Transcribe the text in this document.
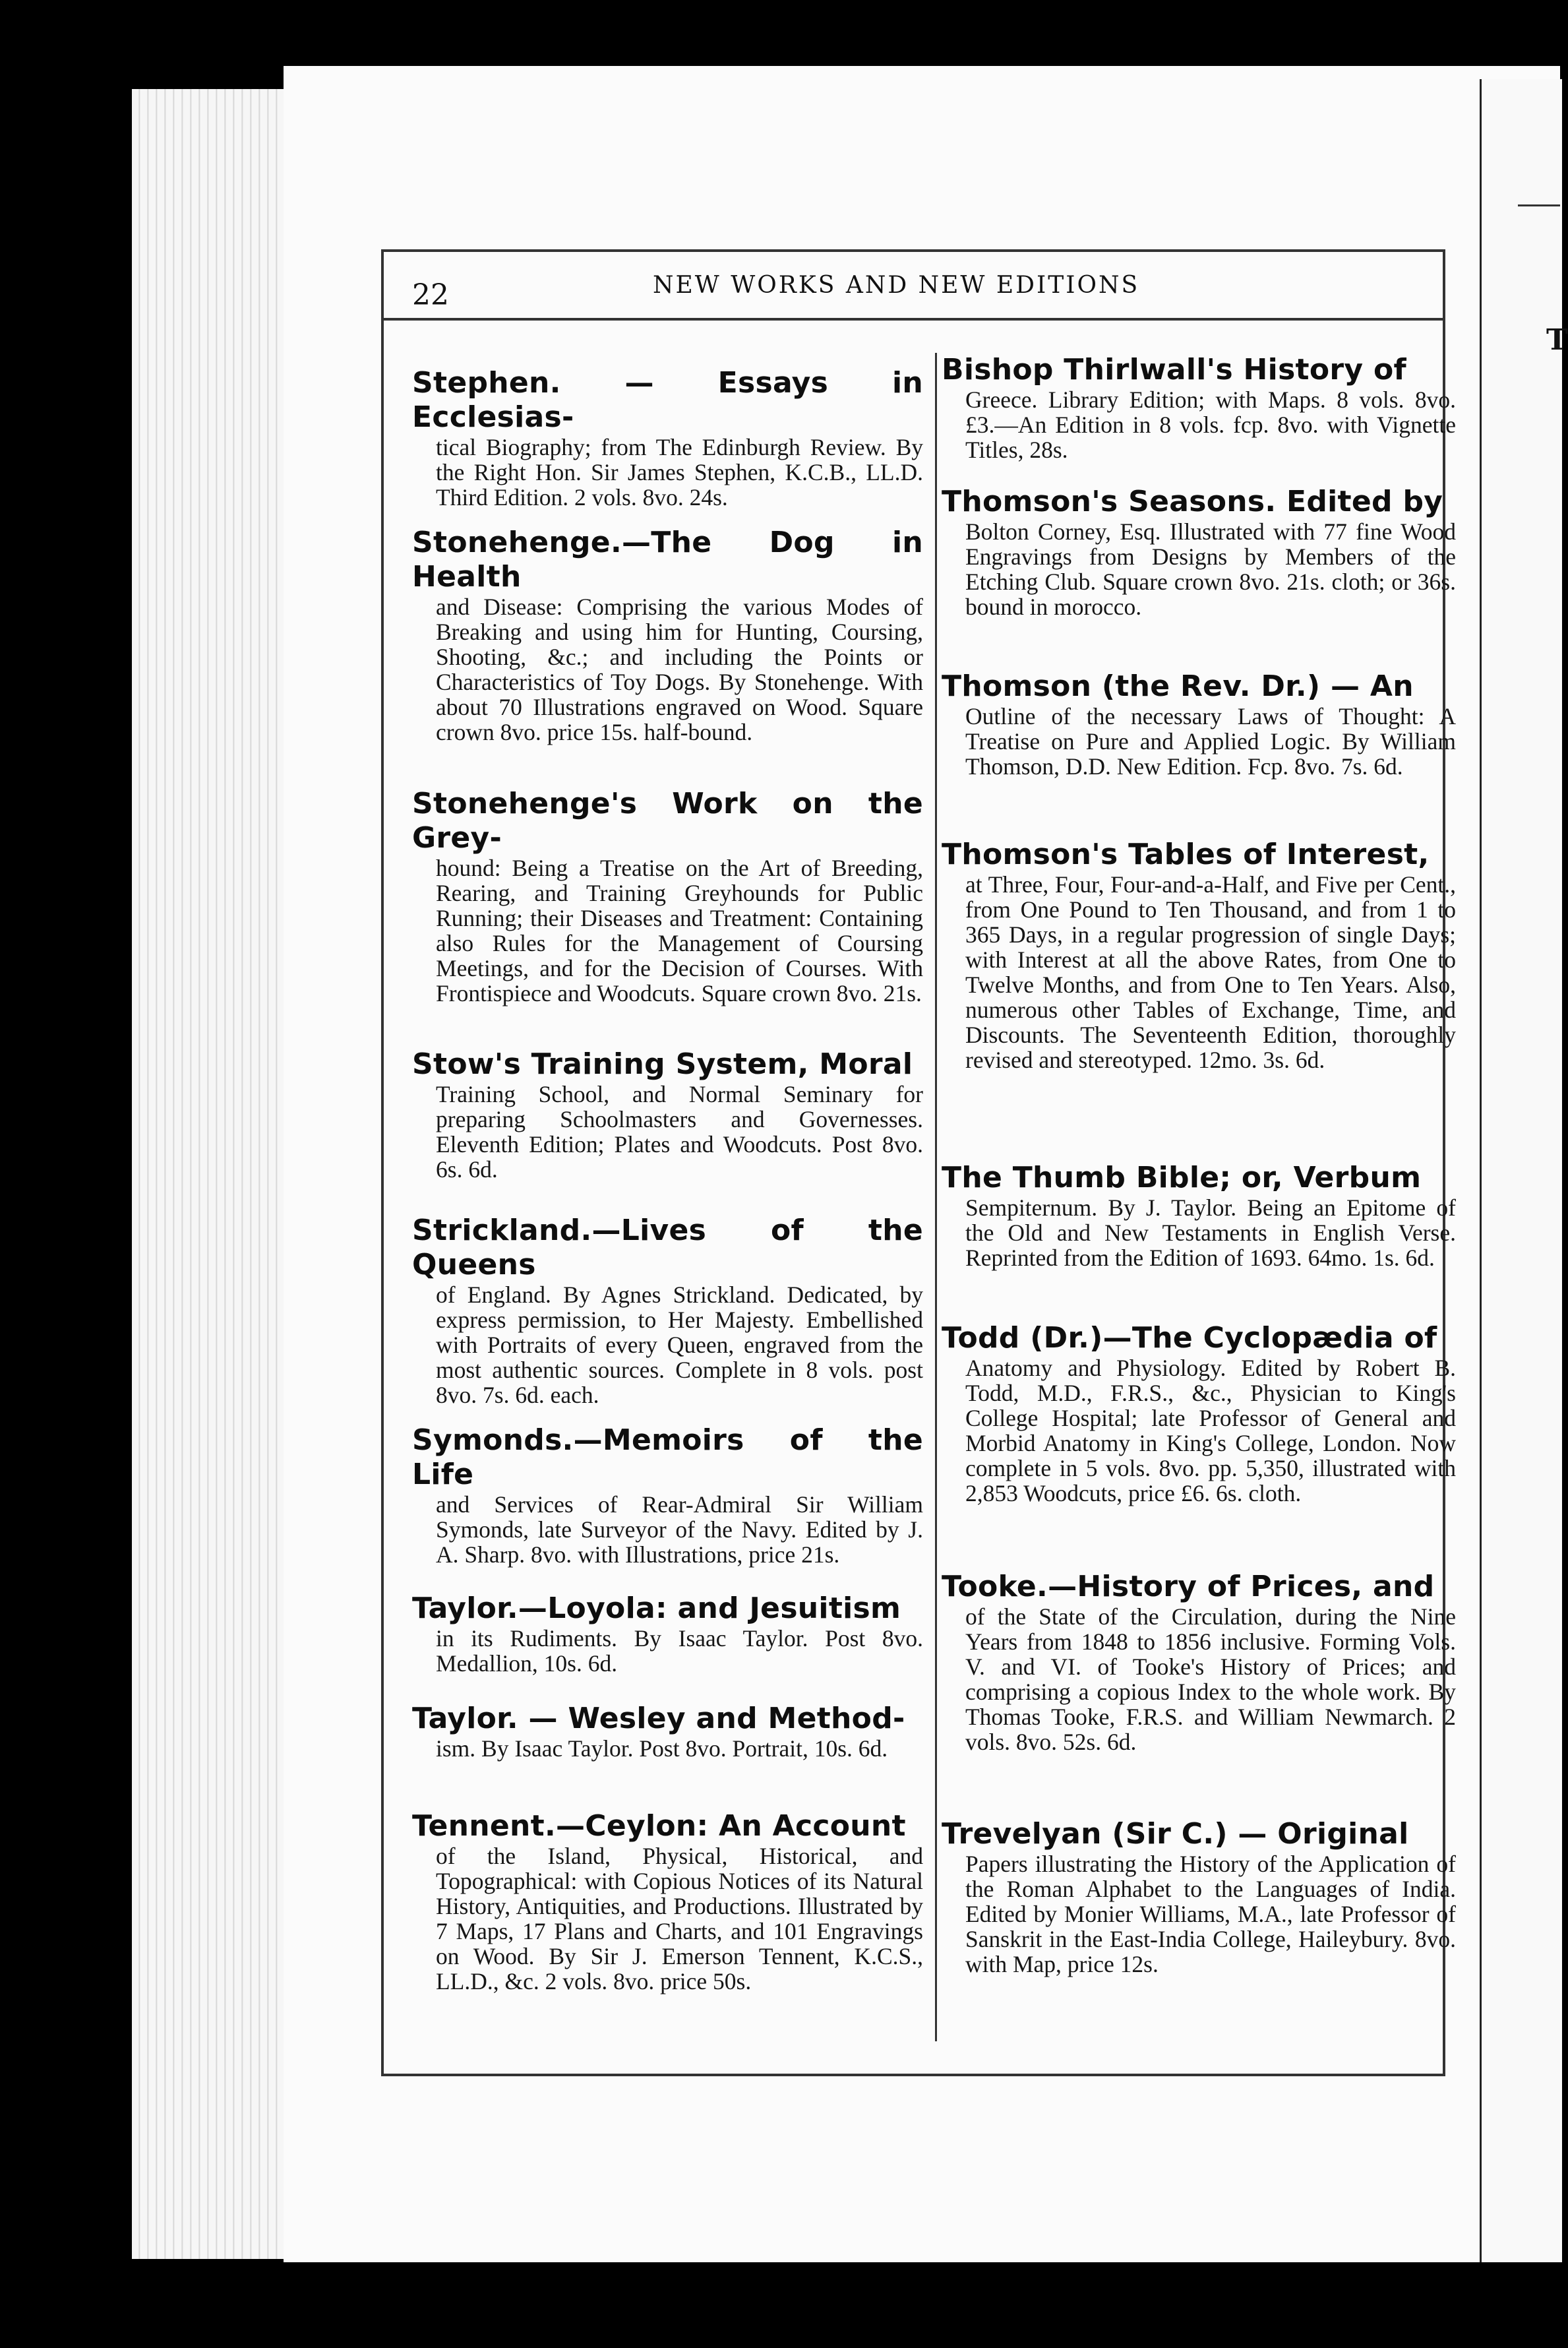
T
22	NEW WORKS AND NEW EDITIONS
Stephen. — Essays in Ecclesias-

tical Biography; from The Edinburgh Review. By the Right Hon. Sir James Stephen, K.C.B., LL.D. Third Edition. 2 vols. 8vo. 24s.

Stonehenge.—The Dog in Health

and Disease: Comprising the various Modes of Breaking and using him for Hunting, Coursing, Shooting, &c.; and including the Points or Characteristics of Toy Dogs. By Stonehenge. With about 70 Illustrations engraved on Wood. Square crown 8vo. price 15s. half-bound.

Stonehenge's Work on the Grey-

hound: Being a Treatise on the Art of Breeding, Rearing, and Training Greyhounds for Public Running; their Diseases and Treatment: Containing also Rules for the Management of Coursing Meetings, and for the Decision of Courses. With Frontispiece and Woodcuts. Square crown 8vo. 21s.

Stow's Training System, Moral

Training School, and Normal Seminary for preparing Schoolmasters and Governesses. Eleventh Edition; Plates and Woodcuts. Post 8vo. 6s. 6d.

Strickland.—Lives of the Queens

of England. By Agnes Strickland. Dedicated, by express permission, to Her Majesty. Embellished with Portraits of every Queen, engraved from the most authentic sources. Complete in 8 vols. post 8vo. 7s. 6d. each.

Symonds.—Memoirs of the Life

and Services of Rear-Admiral Sir William Symonds, late Surveyor of the Navy. Edited by J. A. Sharp. 8vo. with Illustrations, price 21s.

Taylor.—Loyola: and Jesuitism

in its Rudiments. By Isaac Taylor. Post 8vo. Medallion, 10s. 6d.

Taylor. — Wesley and Method-

ism. By Isaac Taylor. Post 8vo. Portrait, 10s. 6d.

Tennent.—Ceylon: An Account

of the Island, Physical, Historical, and Topographical: with Copious Notices of its Natural History, Antiquities, and Productions. Illustrated by 7 Maps, 17 Plans and Charts, and 101 Engravings on Wood. By Sir J. Emerson Tennent, K.C.S., LL.D., &c. 2 vols. 8vo. price 50s.

Bishop Thirlwall's History of

Greece. Library Edition; with Maps. 8 vols. 8vo. £3.—An Edition in 8 vols. fcp. 8vo. with Vignette Titles, 28s.

Thomson's Seasons. Edited by

Bolton Corney, Esq. Illustrated with 77 fine Wood Engravings from Designs by Members of the Etching Club. Square crown 8vo. 21s. cloth; or 36s. bound in morocco.

Thomson (the Rev. Dr.) — An

Outline of the necessary Laws of Thought: A Treatise on Pure and Applied Logic. By William Thomson, D.D. New Edition. Fcp. 8vo. 7s. 6d.

Thomson's Tables of Interest,

at Three, Four, Four-and-a-Half, and Five per Cent., from One Pound to Ten Thousand, and from 1 to 365 Days, in a regular progression of single Days; with Interest at all the above Rates, from One to Twelve Months, and from One to Ten Years. Also, numerous other Tables of Exchange, Time, and Discounts. The Seventeenth Edition, thoroughly revised and stereotyped. 12mo. 3s. 6d.

The Thumb Bible; or, Verbum

Sempiternum. By J. Taylor. Being an Epitome of the Old and New Testaments in English Verse. Reprinted from the Edition of 1693. 64mo. 1s. 6d.

Todd (Dr.)—The Cyclopædia of

Anatomy and Physiology. Edited by Robert B. Todd, M.D., F.R.S., &c., Physician to King's College Hospital; late Professor of General and Morbid Anatomy in King's College, London. Now complete in 5 vols. 8vo. pp. 5,350, illustrated with 2,853 Woodcuts, price £6. 6s. cloth.

Tooke.—History of Prices, and

of the State of the Circulation, during the Nine Years from 1848 to 1856 inclusive. Forming Vols. V. and VI. of Tooke's History of Prices; and comprising a copious Index to the whole work. By Thomas Tooke, F.R.S. and William Newmarch. 2 vols. 8vo. 52s. 6d.

Trevelyan (Sir C.) — Original

Papers illustrating the History of the Application of the Roman Alphabet to the Languages of India. Edited by Monier Williams, M.A., late Professor of Sanskrit in the East-India College, Haileybury. 8vo. with Map, price 12s.
